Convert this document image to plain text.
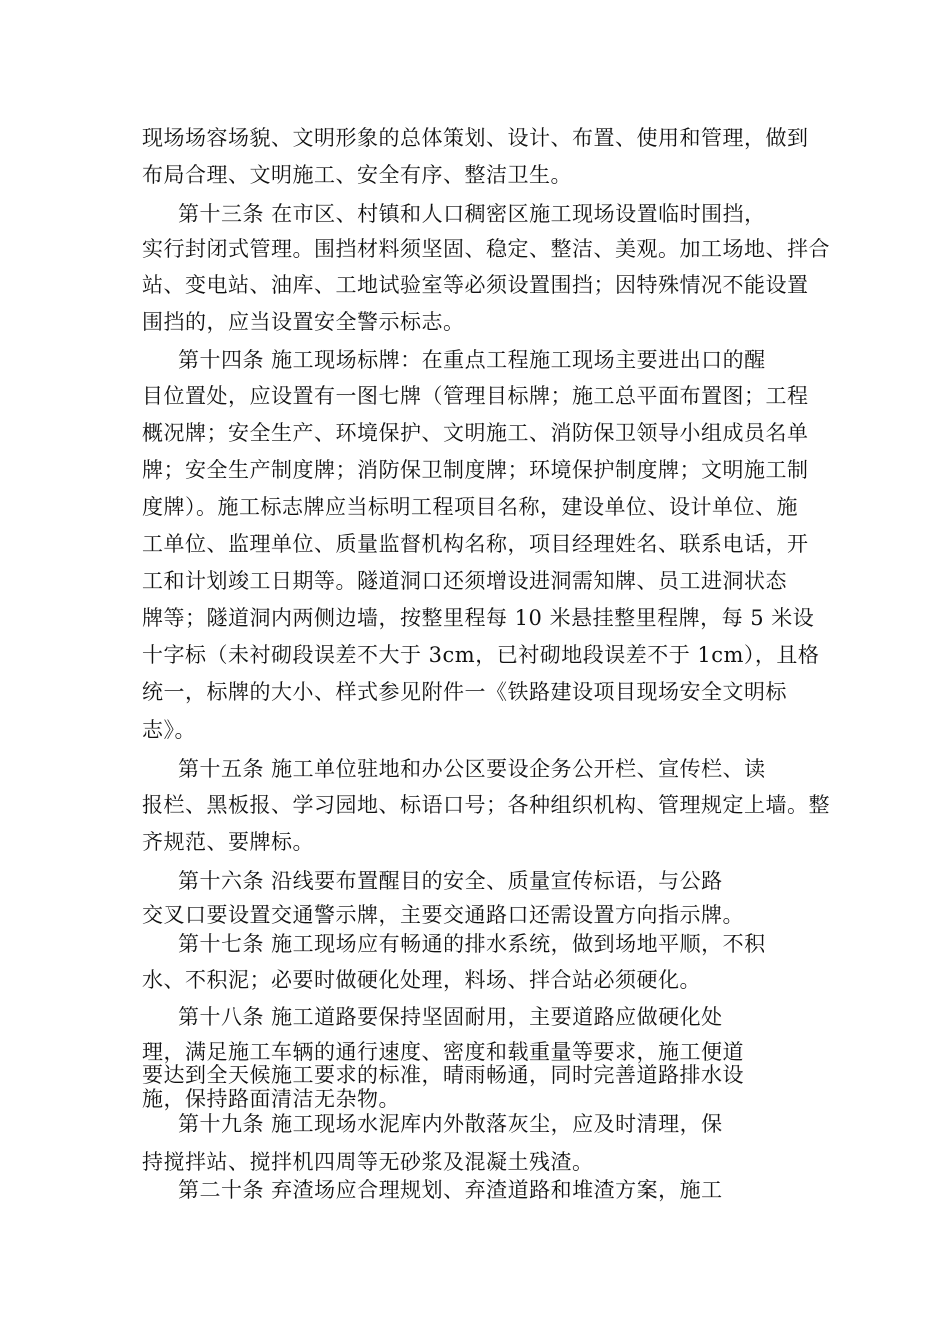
现场场容场貌、文明形象的总体策划、设计、布置、使用和管理，做到
布局合理、文明施工、安全有序、整洁卫生。
第十三条 在市区、村镇和人口稠密区施工现场设置临时围挡，
实行封闭式管理。围挡材料须坚固、稳定、整洁、美观。加工场地、拌合
站、变电站、油库、工地试验室等必须设置围挡；因特殊情况不能设置
围挡的，应当设置安全警示标志。
第十四条 施工现场标牌：在重点工程施工现场主要进出口的醒
目位置处，应设置有一图七牌（管理目标牌；施工总平面布置图；工程
概况牌；安全生产、环境保护、文明施工、消防保卫领导小组成员名单
牌；安全生产制度牌；消防保卫制度牌；环境保护制度牌；文明施工制
度牌）。施工标志牌应当标明工程项目名称，建设单位、设计单位、施
工单位、监理单位、质量监督机构名称，项目经理姓名、联系电话，开
工和计划竣工日期等。隧道洞口还须增设进洞需知牌、员工进洞状态
牌等；隧道洞内两侧边墙，按整里程每 10 米悬挂整里程牌，每 5 米设
十字标（未衬砌段误差不大于 3cm，已衬砌地段误差不于 1cm），且格
统一，标牌的大小、样式参见附件一《铁路建设项目现场安全文明标
志》。
第十五条 施工单位驻地和办公区要设企务公开栏、宣传栏、读
报栏、黑板报、学习园地、标语口号；各种组织机构、管理规定上墙。整
齐规范、要牌标。
第十六条 沿线要布置醒目的安全、质量宣传标语，与公路
交叉口要设置交通警示牌，主要交通路口还需设置方向指示牌。
第十七条 施工现场应有畅通的排水系统，做到场地平顺，不积
水、不积泥；必要时做硬化处理，料场、拌合站必须硬化。
第十八条 施工道路要保持坚固耐用，主要道路应做硬化处
理，满足施工车辆的通行速度、密度和载重量等要求，施工便道
要达到全天候施工要求的标准，晴雨畅通，同时完善道路排水设
施，保持路面清洁无杂物。
第十九条 施工现场水泥库内外散落灰尘，应及时清理，保
持搅拌站、搅拌机四周等无砂浆及混凝土残渣。
第二十条 弃渣场应合理规划、弃渣道路和堆渣方案，施工
